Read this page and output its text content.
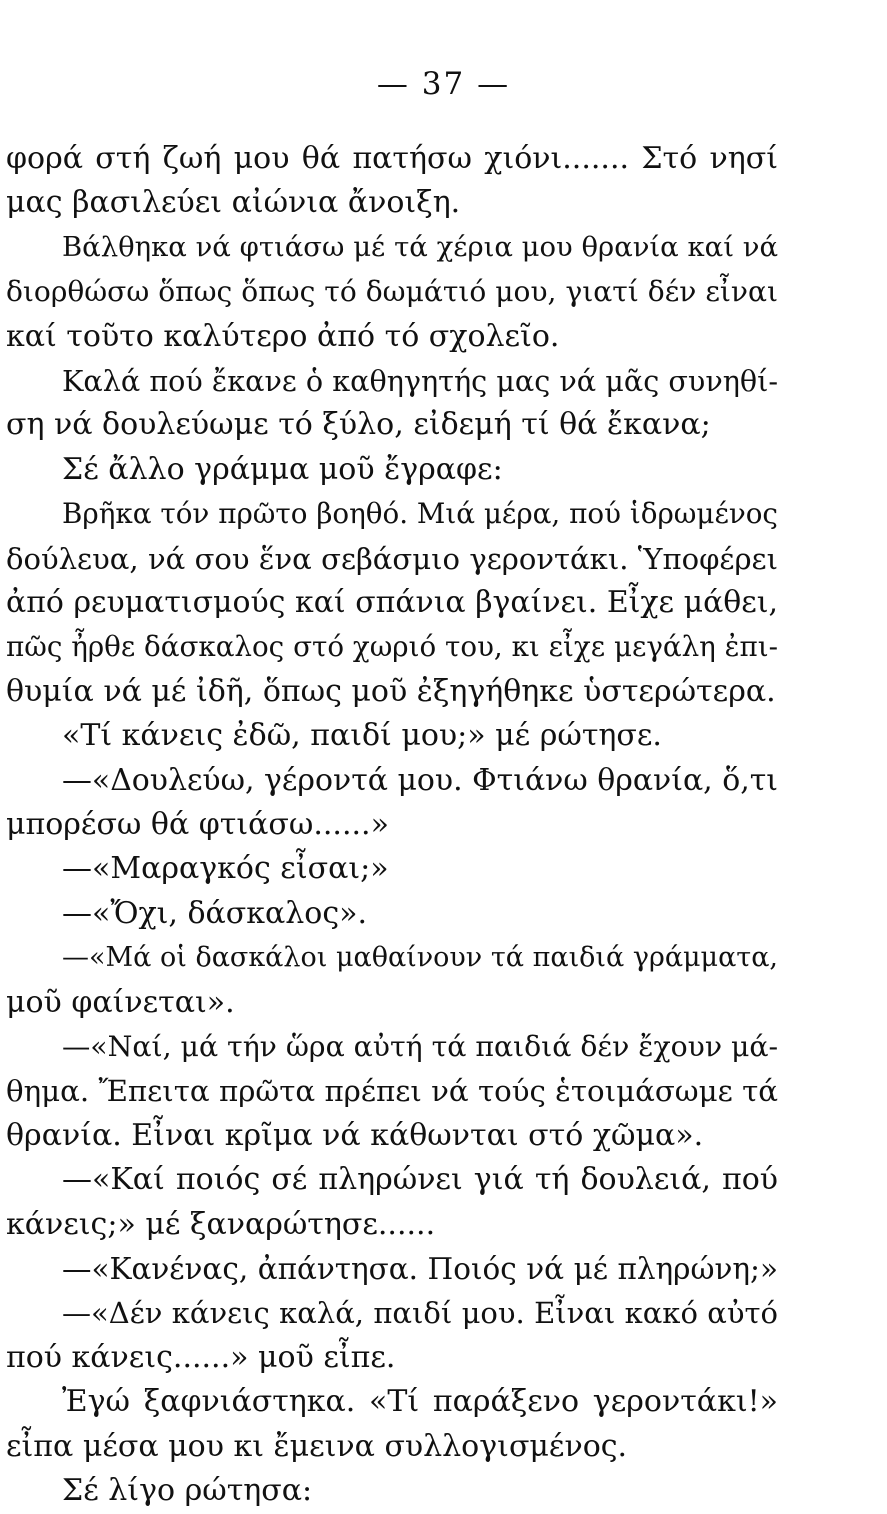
— 37 —
φορά στή ζωή μου θά πατήσω χιόνι....... Στό νησί
μας βασιλεύει αἰώνια ἄνοιξη.
Βάλθηκα νά φτιάσω μέ τά χέρια μου θρανία καί νά
διορθώσω ὅπως ὅπως τό δωμάτιό μου, γιατί δέν εἶναι
καί τοῦτο καλύτερο ἀπό τό σχολεῖο.
Καλά πού ἔκανε ὁ καθηγητής μας νά μᾶς συνηθί-
ση νά δουλεύωμε τό ξύλο, εἰδεμή τί θά ἔκανα;
Σέ ἄλλο γράμμα μοῦ ἔγραφε:
Βρῆκα τόν πρῶτο βοηθό. Μιά μέρα, πού ἱδρωμένος
δούλευα, νά σου ἕνα σεβάσμιο γεροντάκι. Ὑποφέρει
ἀπό ρευματισμούς καί σπάνια βγαίνει. Εἶχε μάθει,
πῶς ἦρθε δάσκαλος στό χωριό του, κι εἶχε μεγάλη ἐπι-
θυμία νά μέ ἰδῆ, ὅπως μοῦ ἐξηγήθηκε ὑστερώτερα.
«Τί κάνεις ἐδῶ, παιδί μου;» μέ ρώτησε.
—«Δουλεύω, γέροντά μου. Φτιάνω θρανία, ὅ,τι
μπορέσω θά φτιάσω......»
—«Μαραγκός εἶσαι;»
—«Ὄχι, δάσκαλος».
—«Μά οἱ δασκάλοι μαθαίνουν τά παιδιά γράμματα,
μοῦ φαίνεται».
—«Ναί, μά τήν ὥρα αὐτή τά παιδιά δέν ἔχουν μά-
θημα. Ἔπειτα πρῶτα πρέπει νά τούς ἑτοιμάσωμε τά
θρανία. Εἶναι κρῖμα νά κάθωνται στό χῶμα».
—«Καί ποιός σέ πληρώνει γιά τή δουλειά, πού
κάνεις;» μέ ξαναρώτησε......
—«Κανένας, ἀπάντησα. Ποιός νά μέ πληρώνη;»
—«Δέν κάνεις καλά, παιδί μου. Εἶναι κακό αὐτό
πού κάνεις......» μοῦ εἶπε.
Ἐγώ ξαφνιάστηκα. «Τί παράξενο γεροντάκι!»
εἶπα μέσα μου κι ἔμεινα συλλογισμένος.
Σέ λίγο ρώτησα:
